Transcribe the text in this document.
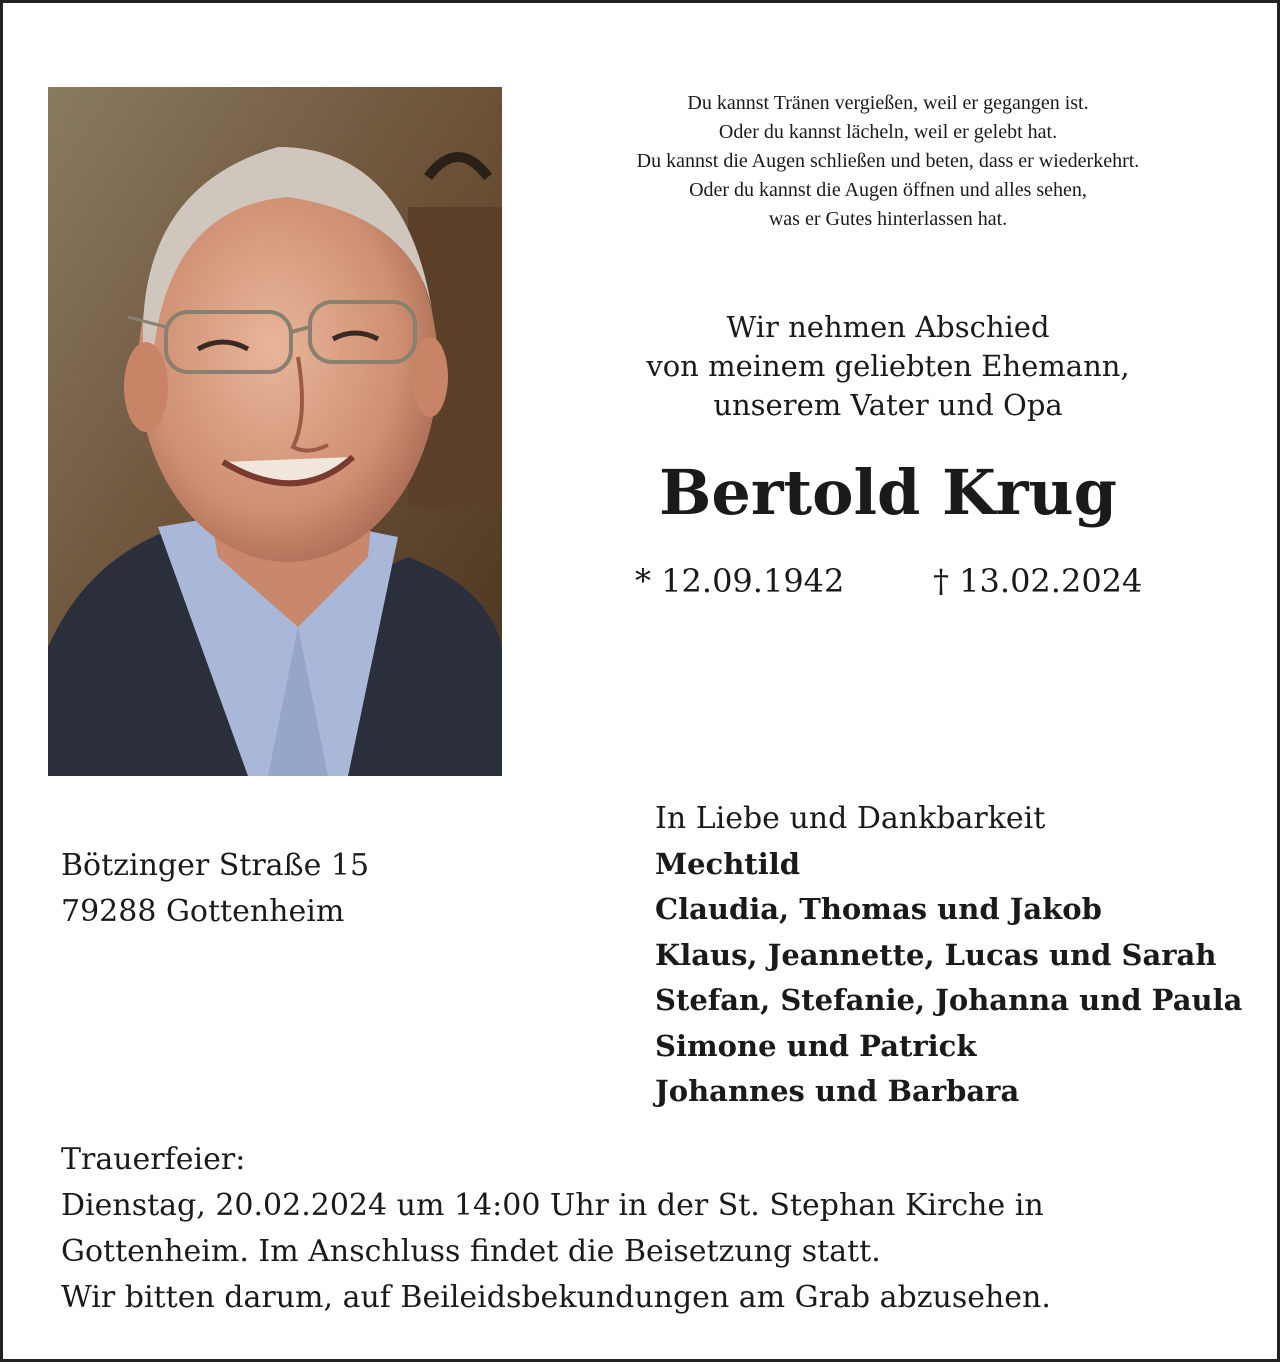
Du kannst Tränen vergießen, weil er gegangen ist.
Oder du kannst lächeln, weil er gelebt hat.
Du kannst die Augen schließen und beten, dass er wiederkehrt.
Oder du kannst die Augen öffnen und alles sehen,
was er Gutes hinterlassen hat.
Wir nehmen Abschied
von meinem geliebten Ehemann,
unserem Vater und Opa
Bertold Krug
* 12.09.1942	† 13.02.2024
Bötzinger Straße 15
79288 Gottenheim
In Liebe und Dankbarkeit
Mechtild
Claudia, Thomas und Jakob
Klaus, Jeannette, Lucas und Sarah
Stefan, Stefanie, Johanna und Paula
Simone und Patrick
Johannes und Barbara
Trauerfeier:
Dienstag, 20.02.2024 um 14:00 Uhr in der St. Stephan Kirche in
Gottenheim. Im Anschluss findet die Beisetzung statt.
Wir bitten darum, auf Beileidsbekundungen am Grab abzusehen.
